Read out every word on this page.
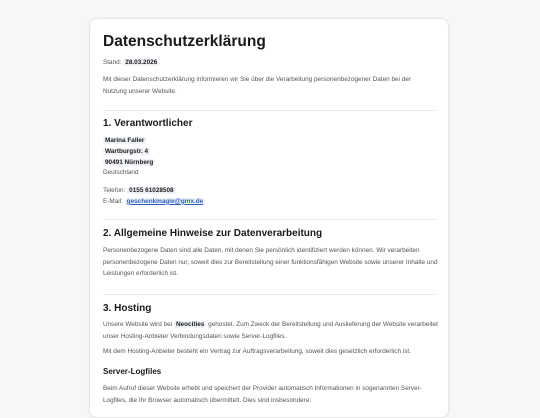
Datenschutzerklärung

Stand: 28.03.2026

Mit dieser Datenschutzerklärung informieren wir Sie über die Verarbeitung personenbezogener Daten bei der Nutzung unserer Website.

1. Verantwortlicher
Marina Faller
Wartburgstr. 4
90491 Nürnberg
Deutschland
Telefon: 0155 61028508
E-Mail: geschenkmagie@gmx.de
2. Allgemeine Hinweise zur Datenverarbeitung

Personenbezogene Daten sind alle Daten, mit denen Sie persönlich identifiziert werden können. Wir verarbeiten personenbezogene Daten nur, soweit dies zur Bereitstellung einer funktionsfähigen Website sowie unserer Inhalte und Leistungen erforderlich ist.

3. Hosting

Unsere Website wird bei Neocities gehostet. Zum Zweck der Bereitstellung und Auslieferung der Website verarbeitet unser Hosting-Anbieter Verbindungsdaten sowie Server-Logfiles.

Mit dem Hosting-Anbieter besteht ein Vertrag zur Auftragsverarbeitung, soweit dies gesetzlich erforderlich ist.

Server-Logfiles

Beim Aufruf dieser Website erhebt und speichert der Provider automatisch Informationen in sogenannten Server-Logfiles, die Ihr Browser automatisch übermittelt. Dies sind insbesondere:
